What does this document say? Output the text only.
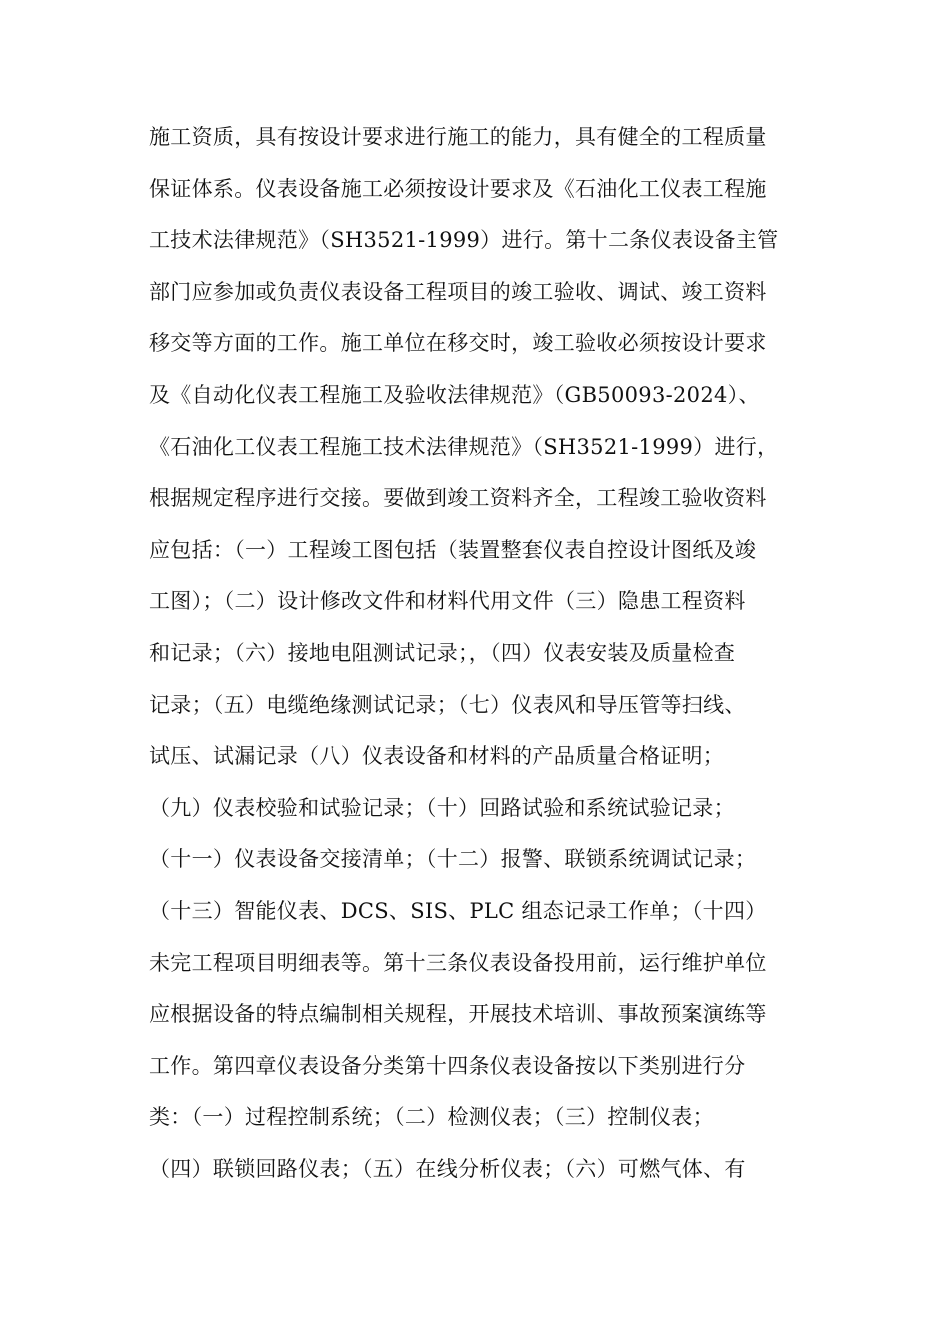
施工资质，具有按设计要求进行施工的能力，具有健全的工程质量
保证体系。仪表设备施工必须按设计要求及《石油化工仪表工程施
工技术法律规范》（SH3521-1999）进行。第十二条仪表设备主管
部门应参加或负责仪表设备工程项目的竣工验收、调试、竣工资料
移交等方面的工作。施工单位在移交时，竣工验收必须按设计要求
及《自动化仪表工程施工及验收法律规范》（GB50093-2024）、
《石油化工仪表工程施工技术法律规范》（SH3521-1999）进行，
根据规定程序进行交接。要做到竣工资料齐全，工程竣工验收资料
应包括：（一）工程竣工图包括（装置整套仪表自控设计图纸及竣
工图）；（二）设计修改文件和材料代用文件（三）隐患工程资料
和记录；（六）接地电阻测试记录；，（四）仪表安装及质量检查
记录；（五）电缆绝缘测试记录；（七）仪表风和导压管等扫线、
试压、试漏记录（八）仪表设备和材料的产品质量合格证明；
（九）仪表校验和试验记录；（十）回路试验和系统试验记录；
（十一）仪表设备交接清单；（十二）报警、联锁系统调试记录；
（十三）智能仪表、DCS、SIS、PLC 组态记录工作单；（十四）
未完工程项目明细表等。第十三条仪表设备投用前，运行维护单位
应根据设备的特点编制相关规程，开展技术培训、事故预案演练等
工作。第四章仪表设备分类第十四条仪表设备按以下类别进行分
类：（一）过程控制系统；（二）检测仪表；（三）控制仪表；
（四）联锁回路仪表；（五）在线分析仪表；（六）可燃气体、有
